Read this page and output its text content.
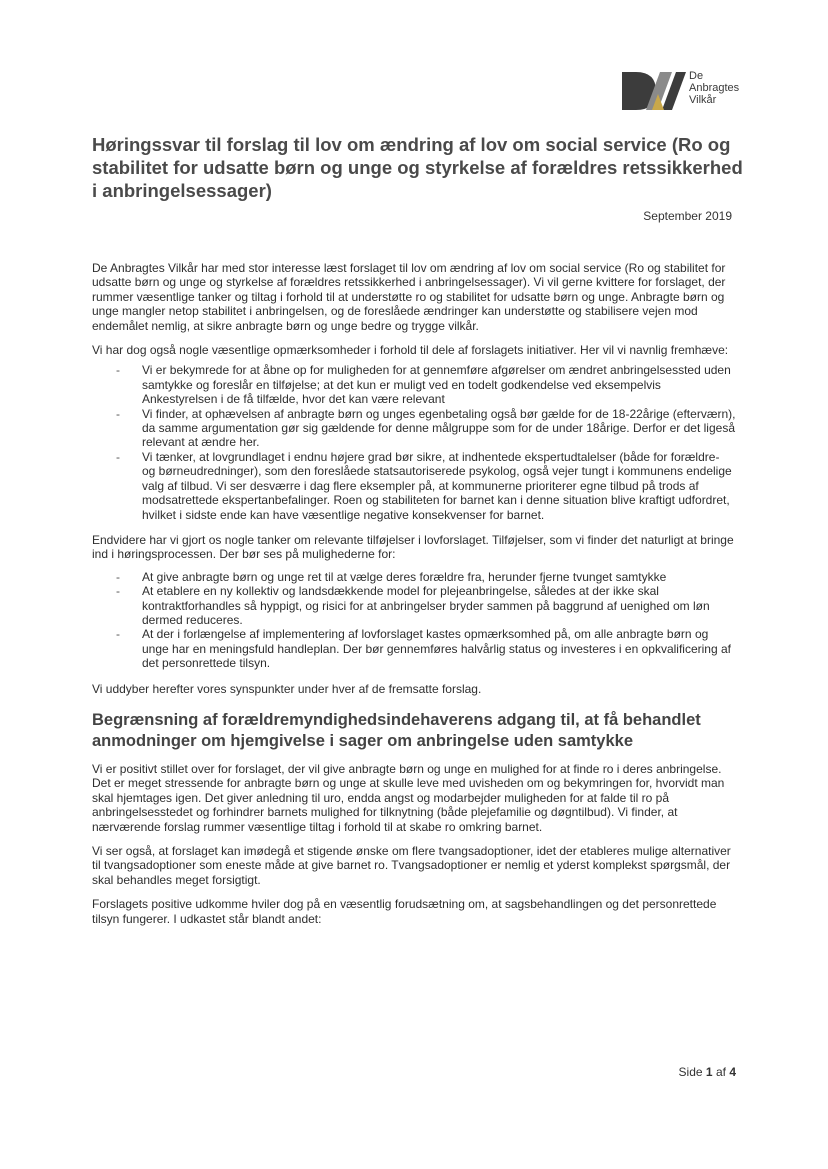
De
Anbragtes
Vilkår
Høringssvar til forslag til lov om ændring af lov om social service (Ro og stabilitet for udsatte børn og unge og styrkelse af forældres retssikkerhed i anbringelsessager)
September 2019

De Anbragtes Vilkår har med stor interesse læst forslaget til lov om ændring af lov om social service (Ro og stabilitet for udsatte børn og unge og styrkelse af forældres retssikkerhed i anbringelsessager). Vi vil gerne kvittere for forslaget, der rummer væsentlige tanker og tiltag i forhold til at understøtte ro og stabilitet for udsatte børn og unge. Anbragte børn og unge mangler netop stabilitet i anbringelsen, og de foreslåede ændringer kan understøtte og stabilisere vejen mod endemålet nemlig, at sikre anbragte børn og unge bedre og trygge vilkår.

Vi har dog også nogle væsentlige opmærksomheder i forhold til dele af forslagets initiativer. Her vil vi navnlig fremhæve:

- Vi er bekymrede for at åbne op for muligheden for at gennemføre afgørelser om ændret anbringelsessted uden samtykke og foreslår en tilføjelse; at det kun er muligt ved en todelt godkendelse ved eksempelvis Ankestyrelsen i de få tilfælde, hvor det kan være relevant
- Vi finder, at ophævelsen af anbragte børn og unges egenbetaling også bør gælde for de 18-22årige (efterværn), da samme argumentation gør sig gældende for denne målgruppe som for de under 18årige. Derfor er det ligeså relevant at ændre her.
- Vi tænker, at lovgrundlaget i endnu højere grad bør sikre, at indhentede ekspertudtalelser (både for forældre- og børneudredninger), som den foreslåede statsautoriserede psykolog, også vejer tungt i kommunens endelige valg af tilbud. Vi ser desværre i dag flere eksempler på, at kommunerne prioriterer egne tilbud på trods af modsatrettede ekspertanbefalinger. Roen og stabiliteten for barnet kan i denne situation blive kraftigt udfordret, hvilket i sidste ende kan have væsentlige negative konsekvenser for barnet.

Endvidere har vi gjort os nogle tanker om relevante tilføjelser i lovforslaget. Tilføjelser, som vi finder det naturligt at bringe ind i høringsprocessen. Der bør ses på mulighederne for:

- At give anbragte børn og unge ret til at vælge deres forældre fra, herunder fjerne tvunget samtykke
- At etablere en ny kollektiv og landsdækkende model for plejeanbringelse, således at der ikke skal kontraktforhandles så hyppigt, og risici for at anbringelser bryder sammen på baggrund af uenighed om løn dermed reduceres.
- At der i forlængelse af implementering af lovforslaget kastes opmærksomhed på, om alle anbragte børn og unge har en meningsfuld handleplan. Der bør gennemføres halvårlig status og investeres i en opkvalificering af det personrettede tilsyn.

Vi uddyber herefter vores synspunkter under hver af de fremsatte forslag.

Begrænsning af forældremyndighedsindehaverens adgang til, at få behandlet anmodninger om hjemgivelse i sager om anbringelse uden samtykke

Vi er positivt stillet over for forslaget, der vil give anbragte børn og unge en mulighed for at finde ro i deres anbringelse. Det er meget stressende for anbragte børn og unge at skulle leve med uvisheden om og bekymringen for, hvorvidt man skal hjemtages igen. Det giver anledning til uro, endda angst og modarbejder muligheden for at falde til ro på anbringelsesstedet og forhindrer barnets mulighed for tilknytning (både plejefamilie og døgntilbud). Vi finder, at nærværende forslag rummer væsentlige tiltag i forhold til at skabe ro omkring barnet.

Vi ser også, at forslaget kan imødegå et stigende ønske om flere tvangsadoptioner, idet der etableres mulige alternativer til tvangsadoptioner som eneste måde at give barnet ro. Tvangsadoptioner er nemlig et yderst komplekst spørgsmål, der skal behandles meget forsigtigt.

Forslagets positive udkomme hviler dog på en væsentlig forudsætning om, at sagsbehandlingen og det personrettede tilsyn fungerer. I udkastet står blandt andet:

Side 1 af 4
